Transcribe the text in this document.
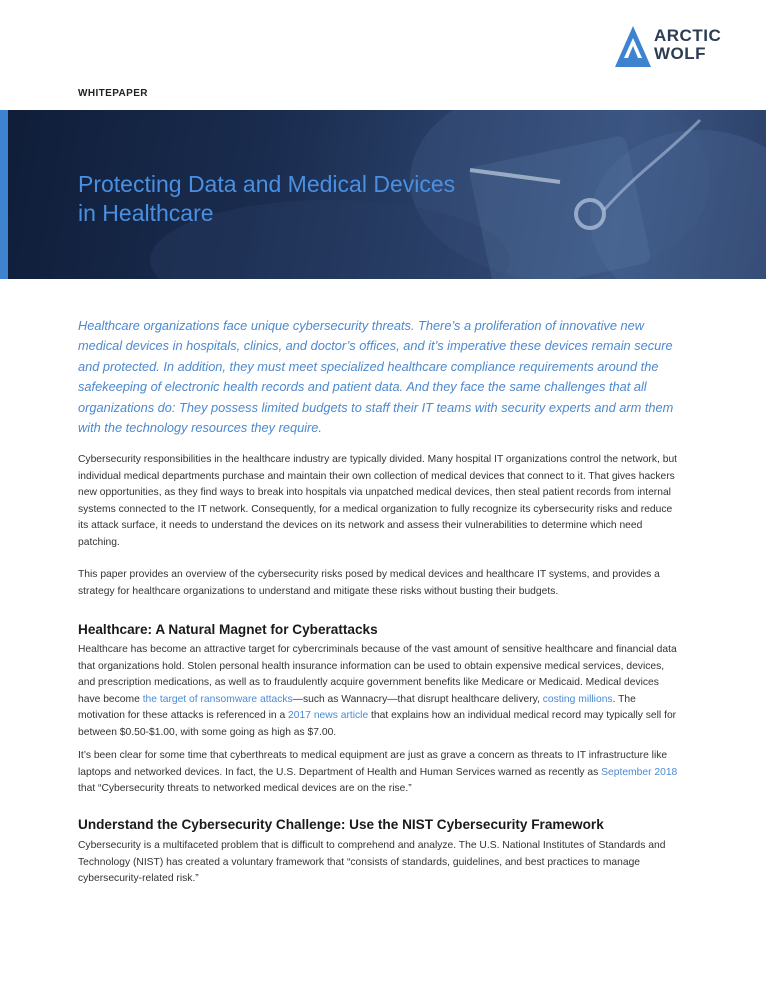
ARCTIC
WOLF
WHITEPAPER
Protecting Data and Medical Devices
in Healthcare

Healthcare organizations face unique cybersecurity threats. There’s a proliferation of innovative new medical devices in hospitals, clinics, and doctor’s offices, and it’s imperative these devices remain secure and protected. In addition, they must meet specialized healthcare compliance requirements around the safekeeping of electronic health records and patient data. And they face the same challenges that all organizations do: They possess limited budgets to staff their IT teams with security experts and arm them with the technology resources they require.

Cybersecurity responsibilities in the healthcare industry are typically divided. Many hospital IT organizations control the network, but individual medical departments purchase and maintain their own collection of medical devices that connect to it. That gives hackers new opportunities, as they find ways to break into hospitals via unpatched medical devices, then steal patient records from internal systems connected to the IT network. Consequently, for a medical organization to fully recognize its cybersecurity risks and reduce its attack surface, it needs to understand the devices on its network and assess their vulnerabilities to determine which need patching.

This paper provides an overview of the cybersecurity risks posed by medical devices and healthcare IT systems, and provides a strategy for healthcare organizations to understand and mitigate these risks without busting their budgets.

Healthcare: A Natural Magnet for Cyberattacks

Healthcare has become an attractive target for cybercriminals because of the vast amount of sensitive healthcare and financial data that organizations hold. Stolen personal health insurance information can be used to obtain expensive medical services, devices, and prescription medications, as well as to fraudulently acquire government benefits like Medicare or Medicaid. Medical devices have become the target of ransomware attacks—such as Wannacry—that disrupt healthcare delivery, costing millions. The motivation for these attacks is referenced in a 2017 news article that explains how an individual medical record may typically sell for between $0.50-$1.00, with some going as high as $7.00.

It’s been clear for some time that cyberthreats to medical equipment are just as grave a concern as threats to IT infrastructure like laptops and networked devices. In fact, the U.S. Department of Health and Human Services warned as recently as September 2018 that “Cybersecurity threats to networked medical devices are on the rise.”

Understand the Cybersecurity Challenge: Use the NIST Cybersecurity Framework

Cybersecurity is a multifaceted problem that is difficult to comprehend and analyze. The U.S. National Institutes of Standards and Technology (NIST) has created a voluntary framework that “consists of standards, guidelines, and best practices to manage cybersecurity-related risk.”
